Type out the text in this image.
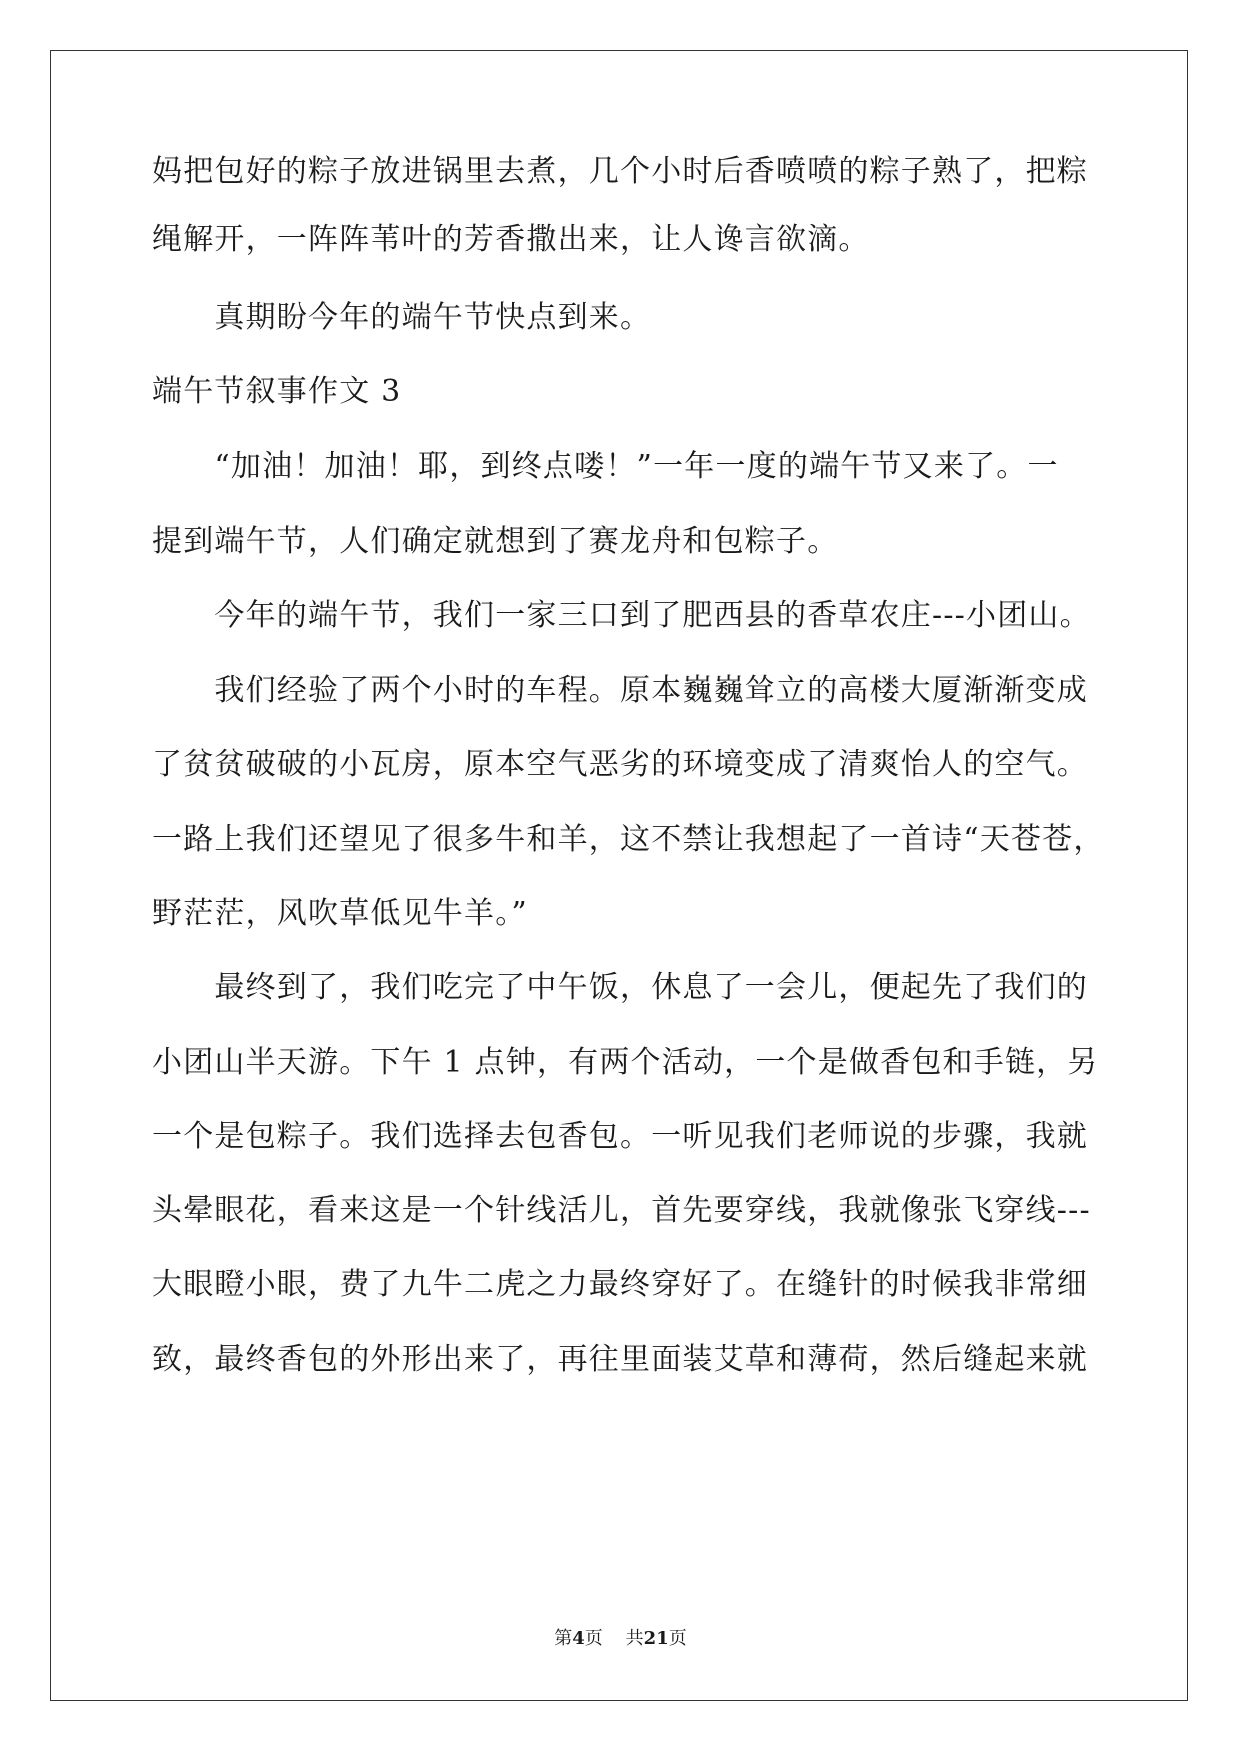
妈把包好的粽子放进锅里去煮，几个小时后香喷喷的粽子熟了，把粽
绳解开，一阵阵苇叶的芳香撒出来，让人谗言欲滴。
　　真期盼今年的端午节快点到来。
端午节叙事作文 3
　　“加油！加油！耶，到终点喽！”一年一度的端午节又来了。一
提到端午节，人们确定就想到了赛龙舟和包粽子。
　　今年的端午节，我们一家三口到了肥西县的香草农庄---小团山。
　　我们经验了两个小时的车程。原本巍巍耸立的高楼大厦渐渐变成
了贫贫破破的小瓦房，原本空气恶劣的环境变成了清爽怡人的空气。
一路上我们还望见了很多牛和羊，这不禁让我想起了一首诗“天苍苍，
野茫茫，风吹草低见牛羊。”
　　最终到了，我们吃完了中午饭，休息了一会儿，便起先了我们的
小团山半天游。下午 1 点钟，有两个活动，一个是做香包和手链，另
一个是包粽子。我们选择去包香包。一听见我们老师说的步骤，我就
头晕眼花，看来这是一个针线活儿，首先要穿线，我就像张飞穿线---
大眼瞪小眼，费了九牛二虎之力最终穿好了。在缝针的时候我非常细
致，最终香包的外形出来了，再往里面装艾草和薄荷，然后缝起来就
第4页 共21页
